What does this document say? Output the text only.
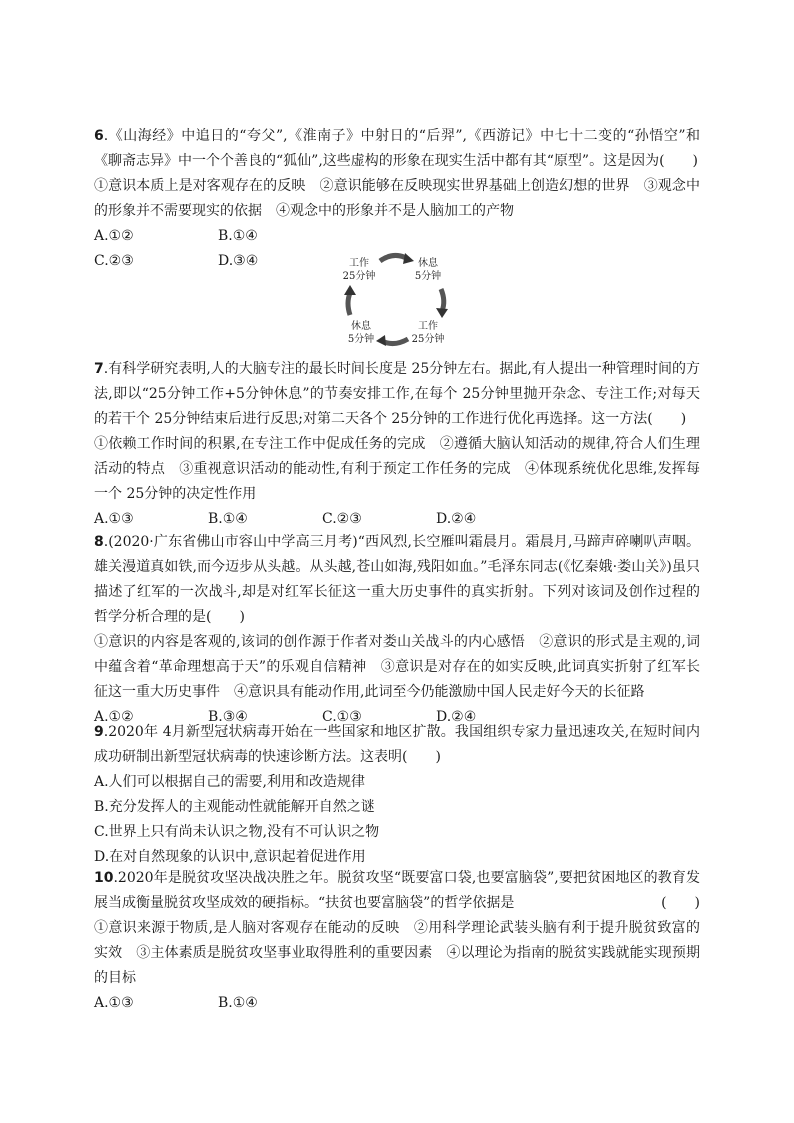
6.《山海经》中追日的“夸父”,《淮南子》中射日的“后羿”,《西游记》中七十二变的“孙悟空”和《聊斋志异》中一个个善良的“狐仙”,这些虚构的形象在现实生活中都有其“原型”。这是因为(　　)

①意识本质上是对客观存在的反映　②意识能够在反映现实世界基础上创造幻想的世界　③观念中的形象并不需要现实的依据　④观念中的形象并不是人脑加工的产物

A.①②	B.①④
C.②③	D.③④	工作
25分钟
休息
5分钟
休息
5分钟
工作
25分钟

7.有科学研究表明,人的大脑专注的最长时间长度是 25分钟左右。据此,有人提出一种管理时间的方法,即以“25分钟工作+5分钟休息”的节奏安排工作,在每个 25分钟里抛开杂念、专注工作;对每天的若干个 25分钟结束后进行反思;对第二天各个 25分钟的工作进行优化再选择。这一方法(　　)

①依赖工作时间的积累,在专注工作中促成任务的完成　②遵循大脑认知活动的规律,符合人们生理活动的特点　③重视意识活动的能动性,有利于预定工作任务的完成　④体现系统优化思维,发挥每一个 25分钟的决定性作用

A.①③	B.①④	C.②③	D.②④

8.(2020·广东省佛山市容山中学高三月考)“西风烈,长空雁叫霜晨月。霜晨月,马蹄声碎喇叭声咽。雄关漫道真如铁,而今迈步从头越。从头越,苍山如海,残阳如血。”毛泽东同志(《忆秦娥·娄山关》)虽只描述了红军的一次战斗,却是对红军长征这一重大历史事件的真实折射。下列对该词及创作过程的哲学分析合理的是(　　)

①意识的内容是客观的,该词的创作源于作者对娄山关战斗的内心感悟　②意识的形式是主观的,词中蕴含着“革命理想高于天”的乐观自信精神　③意识是对存在的如实反映,此词真实折射了红军长征这一重大历史事件　④意识具有能动作用,此词至今仍能激励中国人民走好今天的长征路

A.①②	B.③④	C.①③	D.②④

9.2020年 4月新型冠状病毒开始在一些国家和地区扩散。我国组织专家力量迅速攻关,在短时间内成功研制出新型冠状病毒的快速诊断方法。这表明(　　)

A.人们可以根据自己的需要,利用和改造规律

B.充分发挥人的主观能动性就能解开自然之谜

C.世界上只有尚未认识之物,没有不可认识之物

D.在对自然现象的认识中,意识起着促进作用

10.2020年是脱贫攻坚决战决胜之年。脱贫攻坚“既要富口袋,也要富脑袋”,要把贫困地区的教育发展当成衡量脱贫攻坚成效的硬指标。“扶贫也要富脑袋”的哲学依据是	(　　)

①意识来源于物质,是人脑对客观存在能动的反映　②用科学理论武装头脑有利于提升脱贫致富的实效　③主体素质是脱贫攻坚事业取得胜利的重要因素　④以理论为指南的脱贫实践就能实现预期的目标

A.①③	B.①④
